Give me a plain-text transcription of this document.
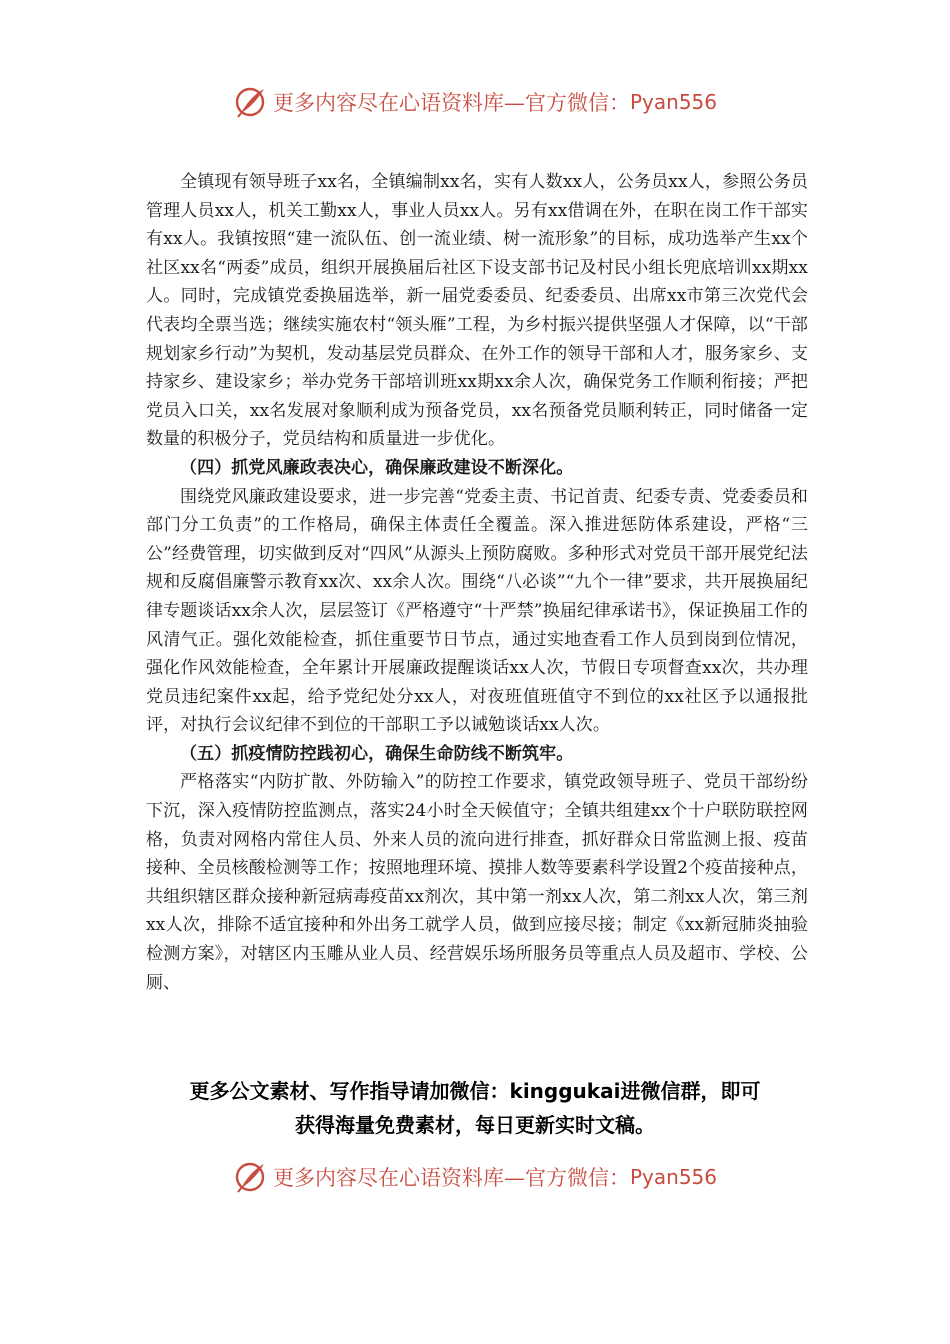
更多内容尽在心语资料库—官方微信： Pyan556

全镇现有领导班子xx名，全镇编制xx名，实有人数xx人，公务员xx人，参照公务员管理人员xx人，机关工勤xx人，事业人员xx人。另有xx借调在外，在职在岗工作干部实有xx人。我镇按照“建一流队伍、创一流业绩、树一流形象”的目标，成功选举产生xx个社区xx名“两委”成员，组织开展换届后社区下设支部书记及村民小组长兜底培训xx期xx人。同时，完成镇党委换届选举，新一届党委委员、纪委委员、出席xx市第三次党代会代表均全票当选；继续实施农村“领头雁”工程，为乡村振兴提供坚强人才保障，以“干部规划家乡行动”为契机，发动基层党员群众、在外工作的领导干部和人才，服务家乡、支持家乡、建设家乡；举办党务干部培训班xx期xx余人次，确保党务工作顺利衔接；严把党员入口关，xx名发展对象顺利成为预备党员，xx名预备党员顺利转正，同时储备一定数量的积极分子，党员结构和质量进一步优化。

（四）抓党风廉政表决心，确保廉政建设不断深化。

围绕党风廉政建设要求，进一步完善“党委主责、书记首责、纪委专责、党委委员和部门分工负责”的工作格局，确保主体责任全覆盖。深入推进惩防体系建设，严格“三公”经费管理，切实做到反对“四风”从源头上预防腐败。多种形式对党员干部开展党纪法规和反腐倡廉警示教育xx次、xx余人次。围绕“八必谈”“九个一律”要求，共开展换届纪律专题谈话xx余人次，层层签订《严格遵守“十严禁”换届纪律承诺书》，保证换届工作的风清气正。强化效能检查，抓住重要节日节点，通过实地查看工作人员到岗到位情况，强化作风效能检查，全年累计开展廉政提醒谈话xx人次，节假日专项督查xx次，共办理党员违纪案件xx起，给予党纪处分xx人，对夜班值班值守不到位的xx社区予以通报批评，对执行会议纪律不到位的干部职工予以诫勉谈话xx人次。

（五）抓疫情防控践初心，确保生命防线不断筑牢。

严格落实“内防扩散、外防输入”的防控工作要求，镇党政领导班子、党员干部纷纷下沉，深入疫情防控监测点，落实24小时全天候值守；全镇共组建xx个十户联防联控网格，负责对网格内常住人员、外来人员的流向进行排查，抓好群众日常监测上报、疫苗接种、全员核酸检测等工作；按照地理环境、摸排人数等要素科学设置2个疫苗接种点，共组织辖区群众接种新冠病毒疫苗xx剂次，其中第一剂xx人次，第二剂xx人次，第三剂xx人次，排除不适宜接种和外出务工就学人员，做到应接尽接；制定《xx新冠肺炎抽验检测方案》，对辖区内玉雕从业人员、经营娱乐场所服务员等重点人员及超市、学校、公厕、

更多公文素材、写作指导请加微信：kinggukai进微信群，即可
获得海量免费素材，每日更新实时文稿。
更多内容尽在心语资料库—官方微信： Pyan556
